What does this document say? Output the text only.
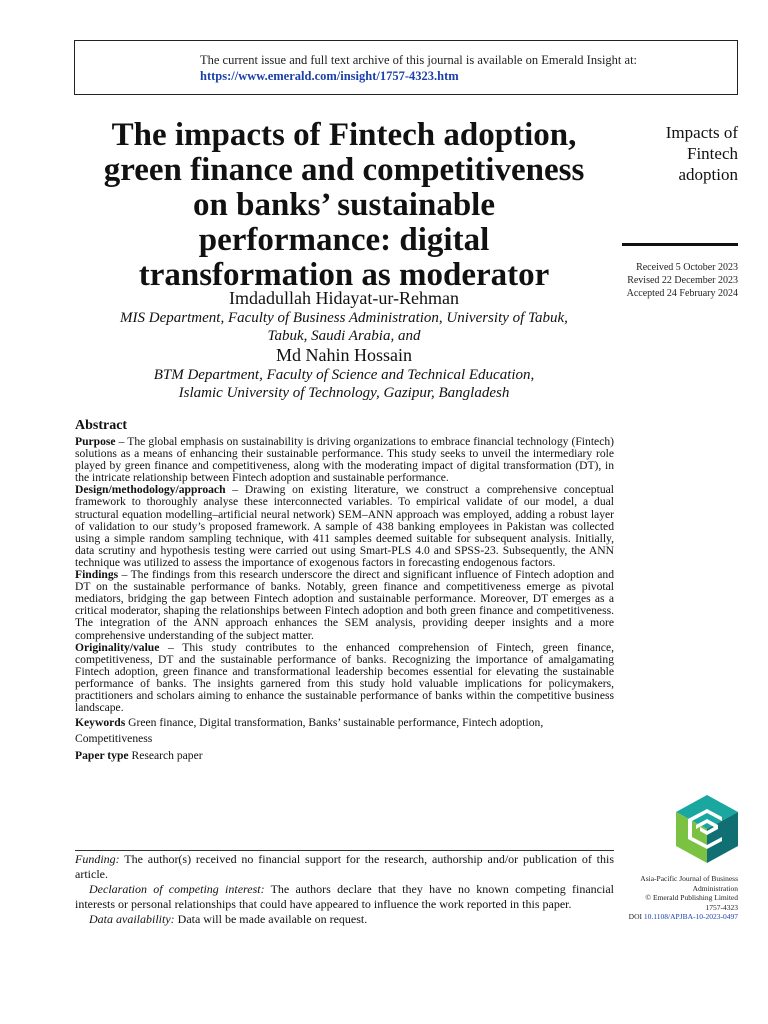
The current issue and full text archive of this journal is available on Emerald Insight at:
https://www.emerald.com/insight/1757-4323.htm
The impacts of Fintech adoption,
green finance and competitiveness
on banks’ sustainable
performance: digital
transformation as moderator
Impacts of
Fintech
adoption
Received 5 October 2023
Revised 22 December 2023
Accepted 24 February 2024
Imdadullah Hidayat-ur-Rehman
MIS Department, Faculty of Business Administration, University of Tabuk,
Tabuk, Saudi Arabia, and
Md Nahin Hossain
BTM Department, Faculty of Science and Technical Education,
Islamic University of Technology, Gazipur, Bangladesh
Abstract

Purpose – The global emphasis on sustainability is driving organizations to embrace financial technology (Fintech) solutions as a means of enhancing their sustainable performance. This study seeks to unveil the intermediary role played by green finance and competitiveness, along with the moderating impact of digital transformation (DT), in the intricate relationship between Fintech adoption and sustainable performance.

Design/methodology/approach – Drawing on existing literature, we construct a comprehensive conceptual framework to thoroughly analyse these interconnected variables. To empirical validate of our model, a dual structural equation modelling–artificial neural network) SEM–ANN approach was employed, adding a robust layer of validation to our study’s proposed framework. A sample of 438 banking employees in Pakistan was collected using a simple random sampling technique, with 411 samples deemed suitable for subsequent analysis. Initially, data scrutiny and hypothesis testing were carried out using Smart-PLS 4.0 and SPSS-23. Subsequently, the ANN technique was utilized to assess the importance of exogenous factors in forecasting endogenous factors.

Findings – The findings from this research underscore the direct and significant influence of Fintech adoption and DT on the sustainable performance of banks. Notably, green finance and competitiveness emerge as pivotal mediators, bridging the gap between Fintech adoption and sustainable performance. Moreover, DT emerges as a critical moderator, shaping the relationships between Fintech adoption and both green finance and competitiveness. The integration of the ANN approach enhances the SEM analysis, providing deeper insights and a more comprehensive understanding of the subject matter.

Originality/value – This study contributes to the enhanced comprehension of Fintech, green finance, competitiveness, DT and the sustainable performance of banks. Recognizing the importance of amalgamating Fintech adoption, green finance and transformational leadership becomes essential for elevating the sustainable performance of banks. The insights garnered from this study hold valuable implications for policymakers, practitioners and scholars aiming to enhance the sustainable performance of banks within the competitive business landscape.

Keywords Green finance, Digital transformation, Banks’ sustainable performance, Fintech adoption, Competitiveness

Paper type Research paper

Funding: The author(s) received no financial support for the research, authorship and/or publication of this article.

Declaration of competing interest: The authors declare that they have no known competing financial interests or personal relationships that could have appeared to influence the work reported in this paper.

Data availability: Data will be made available on request.

Asia-Pacific Journal of Business
Administration
© Emerald Publishing Limited
1757-4323
DOI 10.1108/APJBA-10-2023-0497
